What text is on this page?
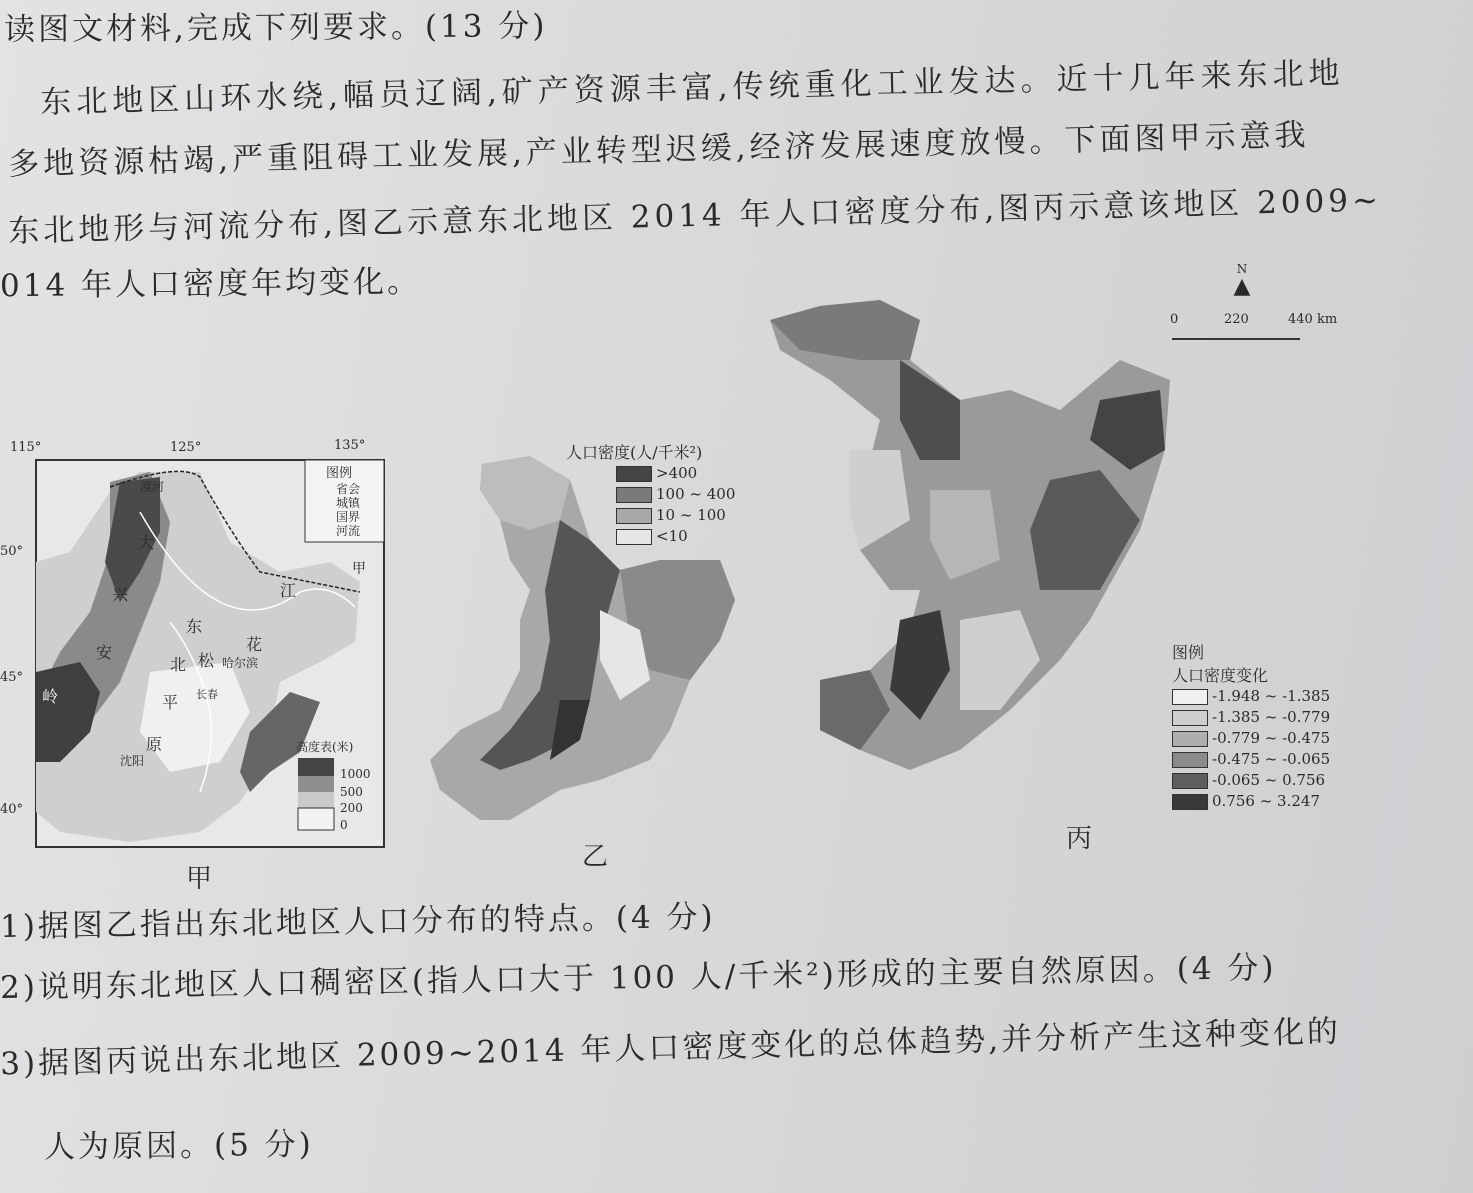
读图文材料,完成下列要求。(13 分)
东北地区山环水绕,幅员辽阔,矿产资源丰富,传统重化工业发达。近十几年来东北地
多地资源枯竭,严重阻碍工业发展,产业转型迟缓,经济发展速度放慢。下面图甲示意我
东北地形与河流分布,图乙示意东北地区 2014 年人口密度分布,图丙示意该地区 2009~
014 年人口密度年均变化。
115°	125°	135°
50°
45°
40°
图例
省会
城镇
国界
河流
漠河
大
兴
安
岭
东
北
平
原
松
花
江
哈尔滨
长春
沈阳
甲
高度表(米)
1000
500
200
0
甲
人口密度(人/千米²)
>400
100 ~ 400
10 ~ 100
<10
乙
N
▲
0	220	440 km
图例
人口密度变化
-1.948 ~ -1.385
-1.385 ~ -0.779
-0.779 ~ -0.475
-0.475 ~ -0.065
-0.065 ~ 0.756
0.756 ~ 3.247
丙
1)据图乙指出东北地区人口分布的特点。(4 分)
2)说明东北地区人口稠密区(指人口大于 100 人/千米²)形成的主要自然原因。(4 分)
3)据图丙说出东北地区 2009~2014 年人口密度变化的总体趋势,并分析产生这种变化的
人为原因。(5 分)
